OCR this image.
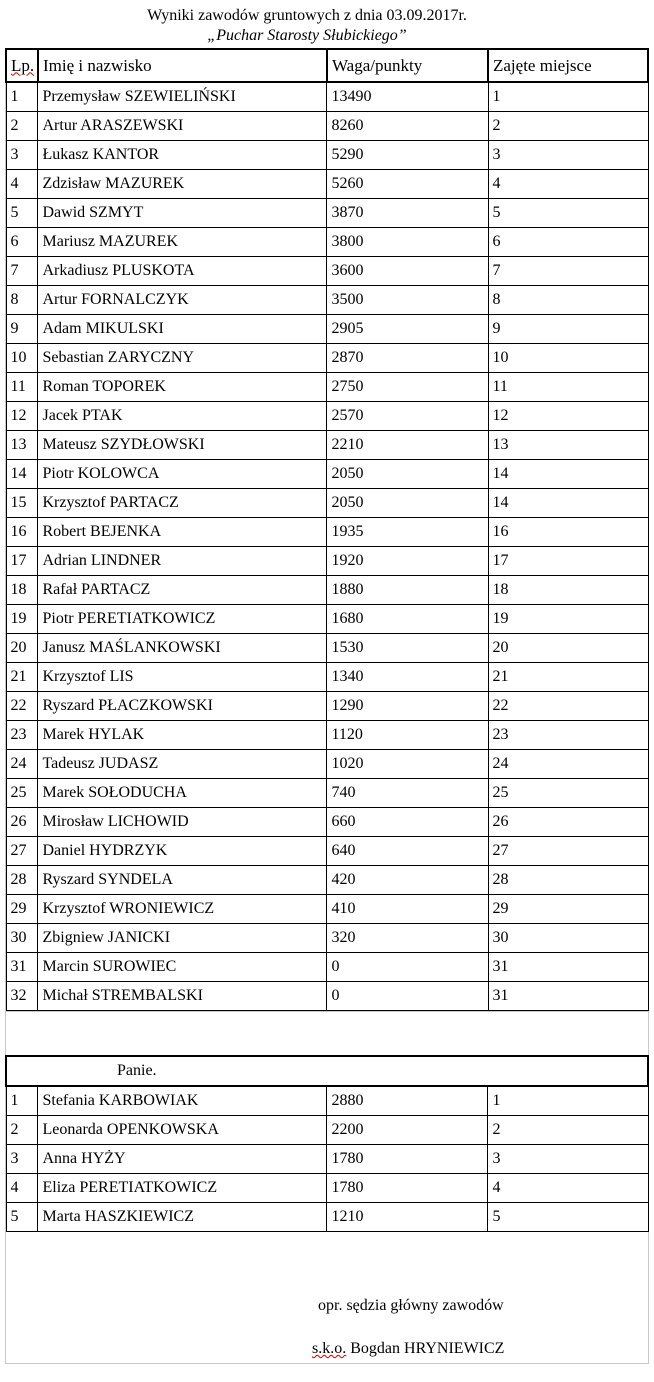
Wyniki zawodów gruntowych z dnia 03.09.2017r.
„Puchar Starosty Słubickiego”
Lp.	Imię i nazwisko	Waga/punkty	Zajęte miejsce
1	Przemysław SZEWIELIŃSKI	13490	1
2	Artur ARASZEWSKI	8260	2
3	Łukasz KANTOR	5290	3
4	Zdzisław MAZUREK	5260	4
5	Dawid SZMYT	3870	5
6	Mariusz MAZUREK	3800	6
7	Arkadiusz PLUSKOTA	3600	7
8	Artur FORNALCZYK	3500	8
9	Adam MIKULSKI	2905	9
10	Sebastian ZARYCZNY	2870	10
11	Roman TOPOREK	2750	11
12	Jacek PTAK	2570	12
13	Mateusz SZYDŁOWSKI	2210	13
14	Piotr KOLOWCA	2050	14
15	Krzysztof PARTACZ	2050	14
16	Robert BEJENKA	1935	16
17	Adrian LINDNER	1920	17
18	Rafał PARTACZ	1880	18
19	Piotr PERETIATKOWICZ	1680	19
20	Janusz MAŚLANKOWSKI	1530	20
21	Krzysztof LIS	1340	21
22	Ryszard PŁACZKOWSKI	1290	22
23	Marek HYLAK	1120	23
24	Tadeusz JUDASZ	1020	24
25	Marek SOŁODUCHA	740	25
26	Mirosław LICHOWID	660	26
27	Daniel HYDRZYK	640	27
28	Ryszard SYNDELA	420	28
29	Krzysztof WRONIEWICZ	410	29
30	Zbigniew JANICKI	320	30
31	Marcin SUROWIEC	0	31
32	Michał STREMBALSKI	0	31
Panie.			
1	Stefania KARBOWIAK	2880	1
2	Leonarda OPENKOWSKA	2200	2
3	Anna HYŻY	1780	3
4	Eliza PERETIATKOWICZ	1780	4
5	Marta HASZKIEWICZ	1210	5
opr. sędzia główny zawodów
s.k.o. Bogdan HRYNIEWICZ
